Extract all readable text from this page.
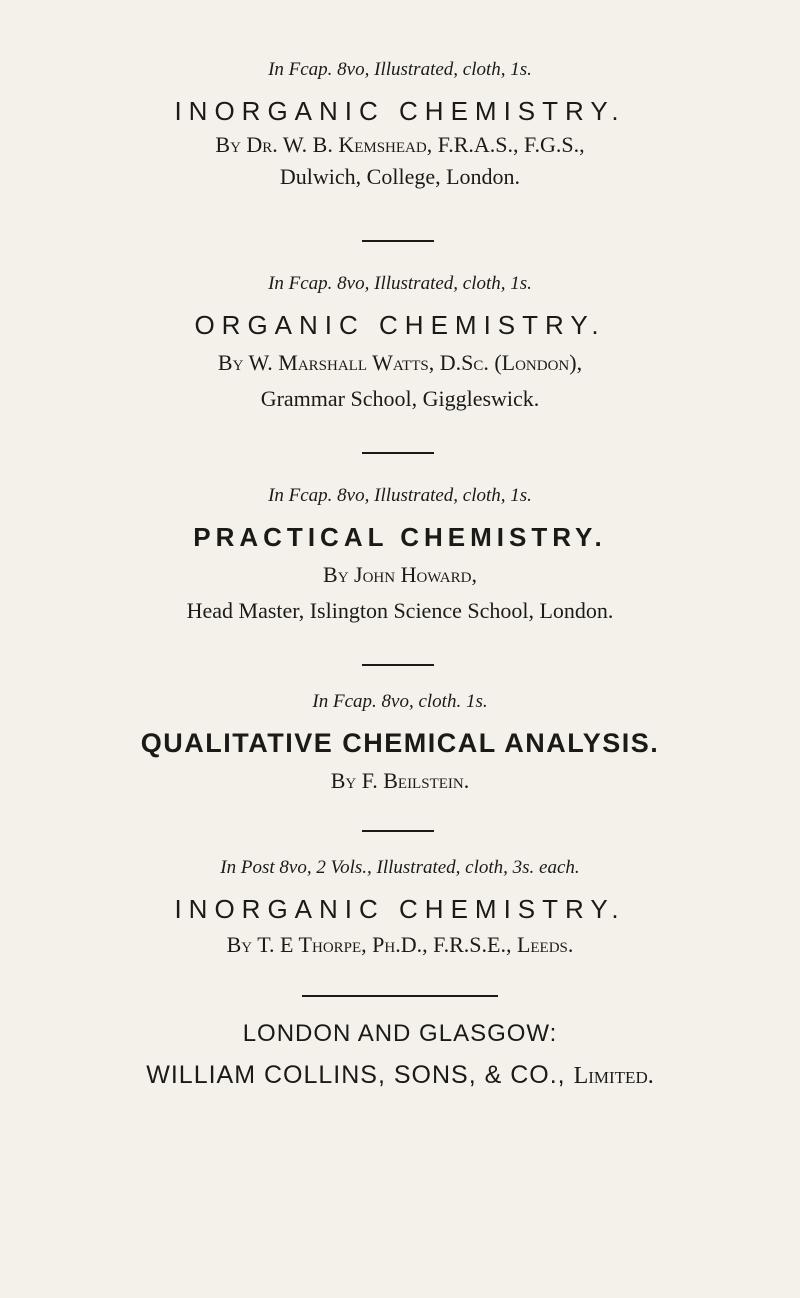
In Fcap. 8vo, Illustrated, cloth, 1s.
INORGANIC CHEMISTRY.
By Dr. W. B. Kemshead, F.R.A.S., F.G.S.,
Dulwich, College, London.
In Fcap. 8vo, Illustrated, cloth, 1s.
ORGANIC CHEMISTRY.
By W. Marshall Watts, D.Sc. (London),
Grammar School, Giggleswick.
In Fcap. 8vo, Illustrated, cloth, 1s.
PRACTICAL CHEMISTRY.
By John Howard,
Head Master, Islington Science School, London.
In Fcap. 8vo, cloth. 1s.
QUALITATIVE CHEMICAL ANALYSIS.
By F. Beilstein.
In Post 8vo, 2 Vols., Illustrated, cloth, 3s. each.
INORGANIC CHEMISTRY.
By T. E Thorpe, Ph.D., F.R.S.E., Leeds.
LONDON AND GLASGOW:
WILLIAM COLLINS, SONS, & CO., Limited.
